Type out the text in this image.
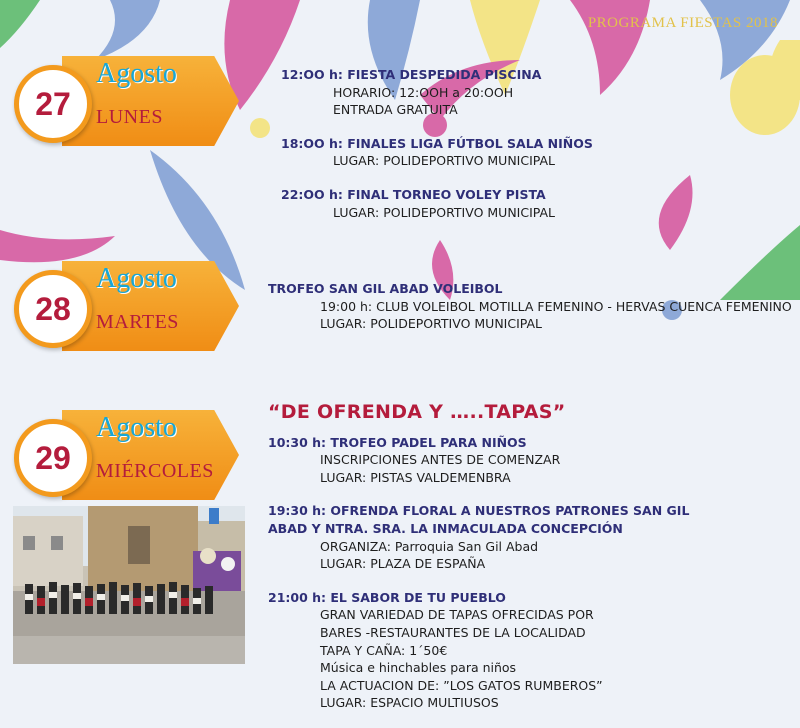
PROGRAMA FIESTAS 2018
Agosto
LUNES
27
12:OO h: FIESTA DESPEDIDA PISCINA
HORARIO: 12:OOH a 20:OOH
ENTRADA GRATUITA
18:OO h: FINALES LIGA FÚTBOL SALA NIÑOS
LUGAR: POLIDEPORTIVO MUNICIPAL
22:OO h: FINAL TORNEO VOLEY PISTA
LUGAR: POLIDEPORTIVO MUNICIPAL
Agosto
MARTES
28
TROFEO SAN GIL ABAD VOLEIBOL
19:00 h: CLUB VOLEIBOL MOTILLA FEMENINO - HERVAS CUENCA FEMENINO
LUGAR: POLIDEPORTIVO MUNICIPAL
Agosto
MIÉRCOLES
29
“DE OFRENDA Y …..TAPAS”
10:30 h: TROFEO PADEL PARA NIÑOS
INSCRIPCIONES ANTES DE COMENZAR
LUGAR: PISTAS VALDEMENBRA
19:30 h: OFRENDA FLORAL A NUESTROS PATRONES SAN GIL
ABAD Y NTRA. SRA. LA INMACULADA CONCEPCIÓN
ORGANIZA: Parroquia San Gil Abad
LUGAR: PLAZA DE ESPAÑA
21:00 h: EL SABOR DE TU PUEBLO
GRAN VARIEDAD DE TAPAS OFRECIDAS POR
BARES -RESTAURANTES DE LA LOCALIDAD
TAPA Y CAÑA: 1´50€
Música e hinchables para niños
LA ACTUACION DE: ”LOS GATOS RUMBEROS”
LUGAR: ESPACIO MULTIUSOS
